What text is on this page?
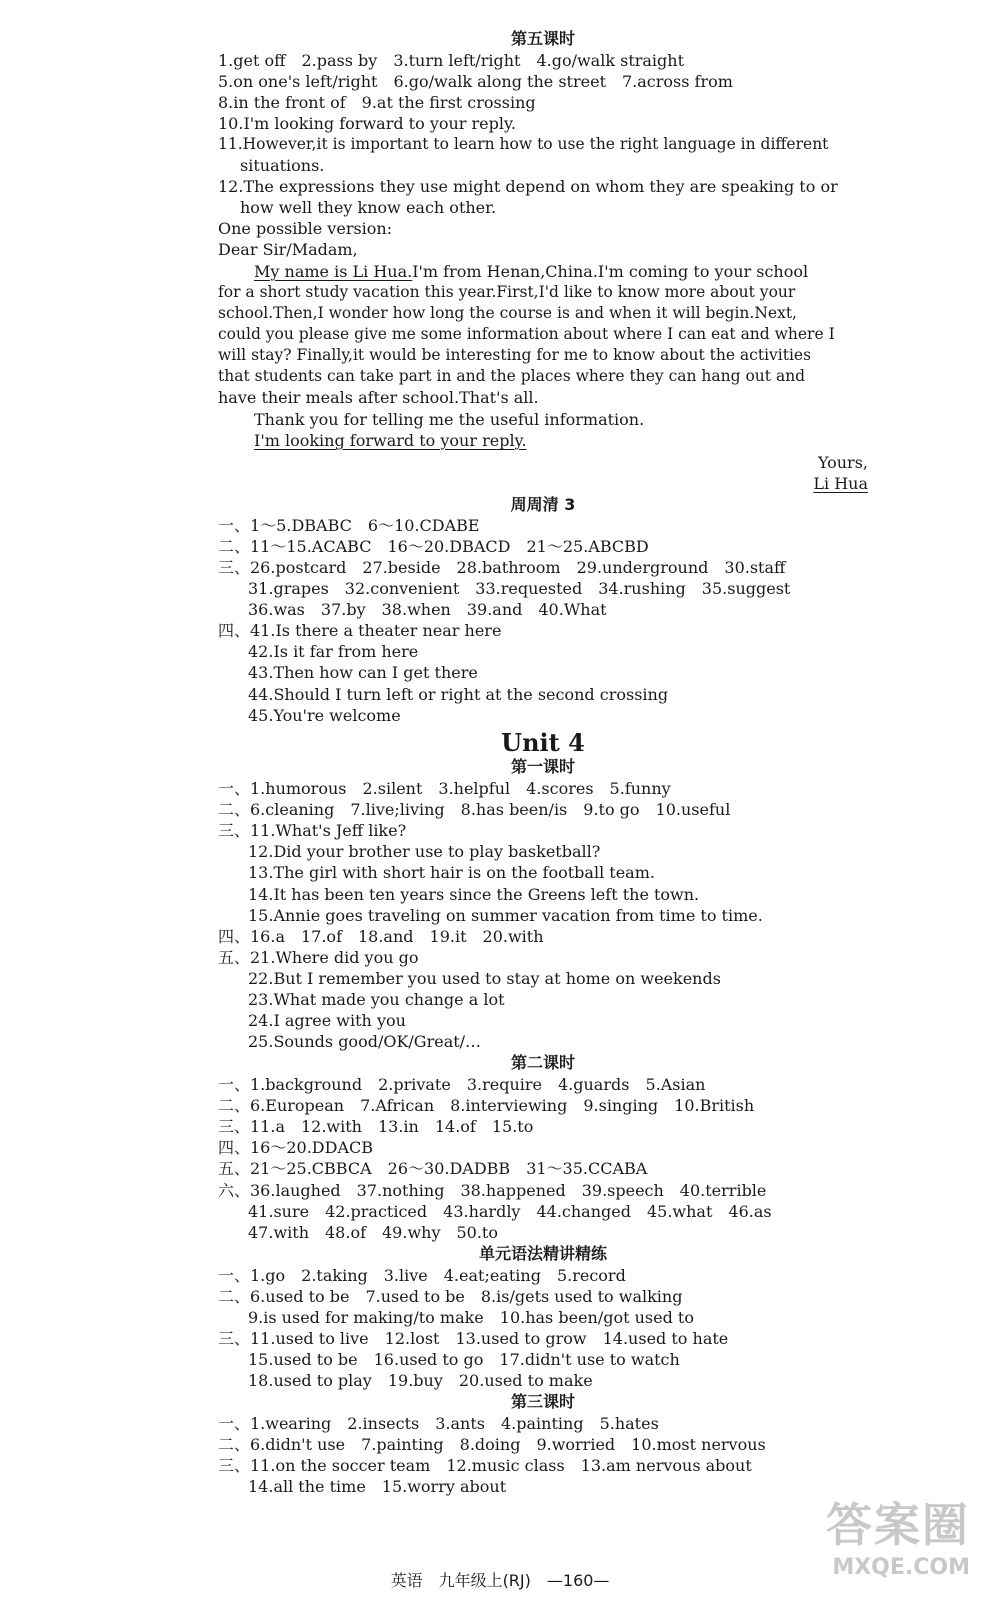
第五课时
1.get off　2.pass by　3.turn left/right　4.go/walk straight
5.on one's left/right　6.go/walk along the street　7.across from
8.in the front of　9.at the first crossing
10.I'm looking forward to your reply.
11.However,it is important to learn how to use the right language in different
situations.
12.The expressions they use might depend on whom they are speaking to or
how well they know each other.
One possible version:
Dear Sir/Madam,
My name is Li Hua.I'm from Henan,China.I'm coming to your school
for a short study vacation this year.First,I'd like to know more about your
school.Then,I wonder how long the course is and when it will begin.Next,
could you please give me some information about where I can eat and where I
will stay? Finally,it would be interesting for me to know about the activities
that students can take part in and the places where they can hang out and
have their meals after school.That's all.
Thank you for telling me the useful information.
I'm looking forward to your reply.
Yours,
Li Hua
周周清 3
一、1～5.DBABC　6～10.CDABE
二、11～15.ACABC　16～20.DBACD　21～25.ABCBD
三、26.postcard　27.beside　28.bathroom　29.underground　30.staff
31.grapes　32.convenient　33.requested　34.rushing　35.suggest
36.was　37.by　38.when　39.and　40.What
四、41.Is there a theater near here
42.Is it far from here
43.Then how can I get there
44.Should I turn left or right at the second crossing
45.You're welcome
Unit 4
第一课时
一、1.humorous　2.silent　3.helpful　4.scores　5.funny
二、6.cleaning　7.live;living　8.has been/is　9.to go　10.useful
三、11.What's Jeff like?
12.Did your brother use to play basketball?
13.The girl with short hair is on the football team.
14.It has been ten years since the Greens left the town.
15.Annie goes traveling on summer vacation from time to time.
四、16.a　17.of　18.and　19.it　20.with
五、21.Where did you go
22.But I remember you used to stay at home on weekends
23.What made you change a lot
24.I agree with you
25.Sounds good/OK/Great/…
第二课时
一、1.background　2.private　3.require　4.guards　5.Asian
二、6.European　7.African　8.interviewing　9.singing　10.British
三、11.a　12.with　13.in　14.of　15.to
四、16～20.DDACB
五、21～25.CBBCA　26～30.DADBB　31～35.CCABA
六、36.laughed　37.nothing　38.happened　39.speech　40.terrible
41.sure　42.practiced　43.hardly　44.changed　45.what　46.as
47.with　48.of　49.why　50.to
单元语法精讲精练
一、1.go　2.taking　3.live　4.eat;eating　5.record
二、6.used to be　7.used to be　8.is/gets used to walking
9.is used for making/to make　10.has been/got used to
三、11.used to live　12.lost　13.used to grow　14.used to hate
15.used to be　16.used to go　17.didn't use to watch
18.used to play　19.buy　20.used to make
第三课时
一、1.wearing　2.insects　3.ants　4.painting　5.hates
二、6.didn't use　7.painting　8.doing　9.worried　10.most nervous
三、11.on the soccer team　12.music class　13.am nervous about
14.all the time　15.worry about
英语　九年级上(RJ)　—160—
答案圈
MXQE.COM
